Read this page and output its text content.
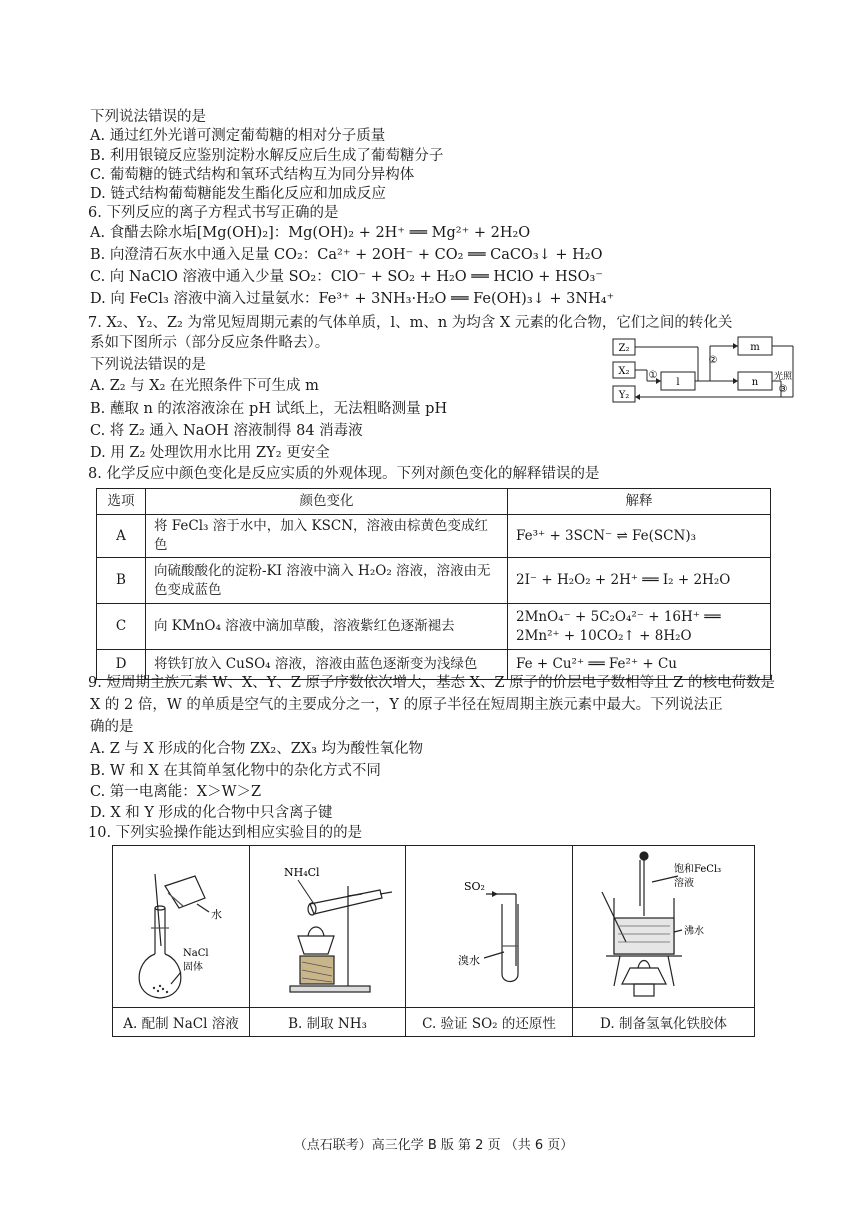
下列说法错误的是
A. 通过红外光谱可测定葡萄糖的相对分子质量
B. 利用银镜反应鉴别淀粉水解反应后生成了葡萄糖分子
C. 葡萄糖的链式结构和氧环式结构互为同分异构体
D. 链式结构葡萄糖能发生酯化反应和加成反应
6. 下列反应的离子方程式书写正确的是
A. 食醋去除水垢[Mg(OH)₂]：Mg(OH)₂ + 2H⁺ ══ Mg²⁺ + 2H₂O
B. 向澄清石灰水中通入足量 CO₂：Ca²⁺ + 2OH⁻ + CO₂ ══ CaCO₃↓ + H₂O
C. 向 NaClO 溶液中通入少量 SO₂：ClO⁻ + SO₂ + H₂O ══ HClO + HSO₃⁻
D. 向 FeCl₃ 溶液中滴入过量氨水：Fe³⁺ + 3NH₃·H₂O ══ Fe(OH)₃↓ + 3NH₄⁺
7. X₂、Y₂、Z₂ 为常见短周期元素的气体单质，l、m、n 为均含 X 元素的化合物，它们之间的转化关
系如下图所示（部分反应条件略去）。
下列说法错误的是
A. Z₂ 与 X₂ 在光照条件下可生成 m
B. 蘸取 n 的浓溶液涂在 pH 试纸上，无法粗略测量 pH
C. 将 Z₂ 通入 NaOH 溶液制得 84 消毒液
D. 用 Z₂ 处理饮用水比用 ZY₂ 更安全
Z₂
X₂
Y₂
l
m
n
①
②
光照
③
8. 化学反应中颜色变化是反应实质的外观体现。下列对颜色变化的解释错误的是
选项	颜色变化	解释
A	将 FeCl₃ 溶于水中，加入 KSCN，溶液由棕黄色变成红色	Fe³⁺ + 3SCN⁻ ⇌ Fe(SCN)₃
B	向硫酸酸化的淀粉-KI 溶液中滴入 H₂O₂ 溶液，溶液由无色变成蓝色	2I⁻ + H₂O₂ + 2H⁺ ══ I₂ + 2H₂O
C	向 KMnO₄ 溶液中滴加草酸，溶液紫红色逐渐褪去	2MnO₄⁻ + 5C₂O₄²⁻ + 16H⁺ ══ 2Mn²⁺ + 10CO₂↑ + 8H₂O
D	将铁钉放入 CuSO₄ 溶液，溶液由蓝色逐渐变为浅绿色	Fe + Cu²⁺ ══ Fe²⁺ + Cu
9. 短周期主族元素 W、X、Y、Z 原子序数依次增大，基态 X、Z 原子的价层电子数相等且 Z 的核电荷数是
X 的 2 倍，W 的单质是空气的主要成分之一，Y 的原子半径在短周期主族元素中最大。下列说法正
确的是
A. Z 与 X 形成的化合物 ZX₂、ZX₃ 均为酸性氧化物
B. W 和 X 在其简单氢化物中的杂化方式不同
C. 第一电离能：X＞W＞Z
D. X 和 Y 形成的化合物中只含离子键
10. 下列实验操作能达到相应实验目的的是
水
NaCl
固体	NH₄Cl	SO₂
溴水	饱和FeCl₃
溶液
沸水

A. 配制 NaCl 溶液	B. 制取 NH₃	C. 验证 SO₂ 的还原性	D. 制备氢氧化铁胶体
（点石联考）高三化学 B 版 第 2 页 （共 6 页）
